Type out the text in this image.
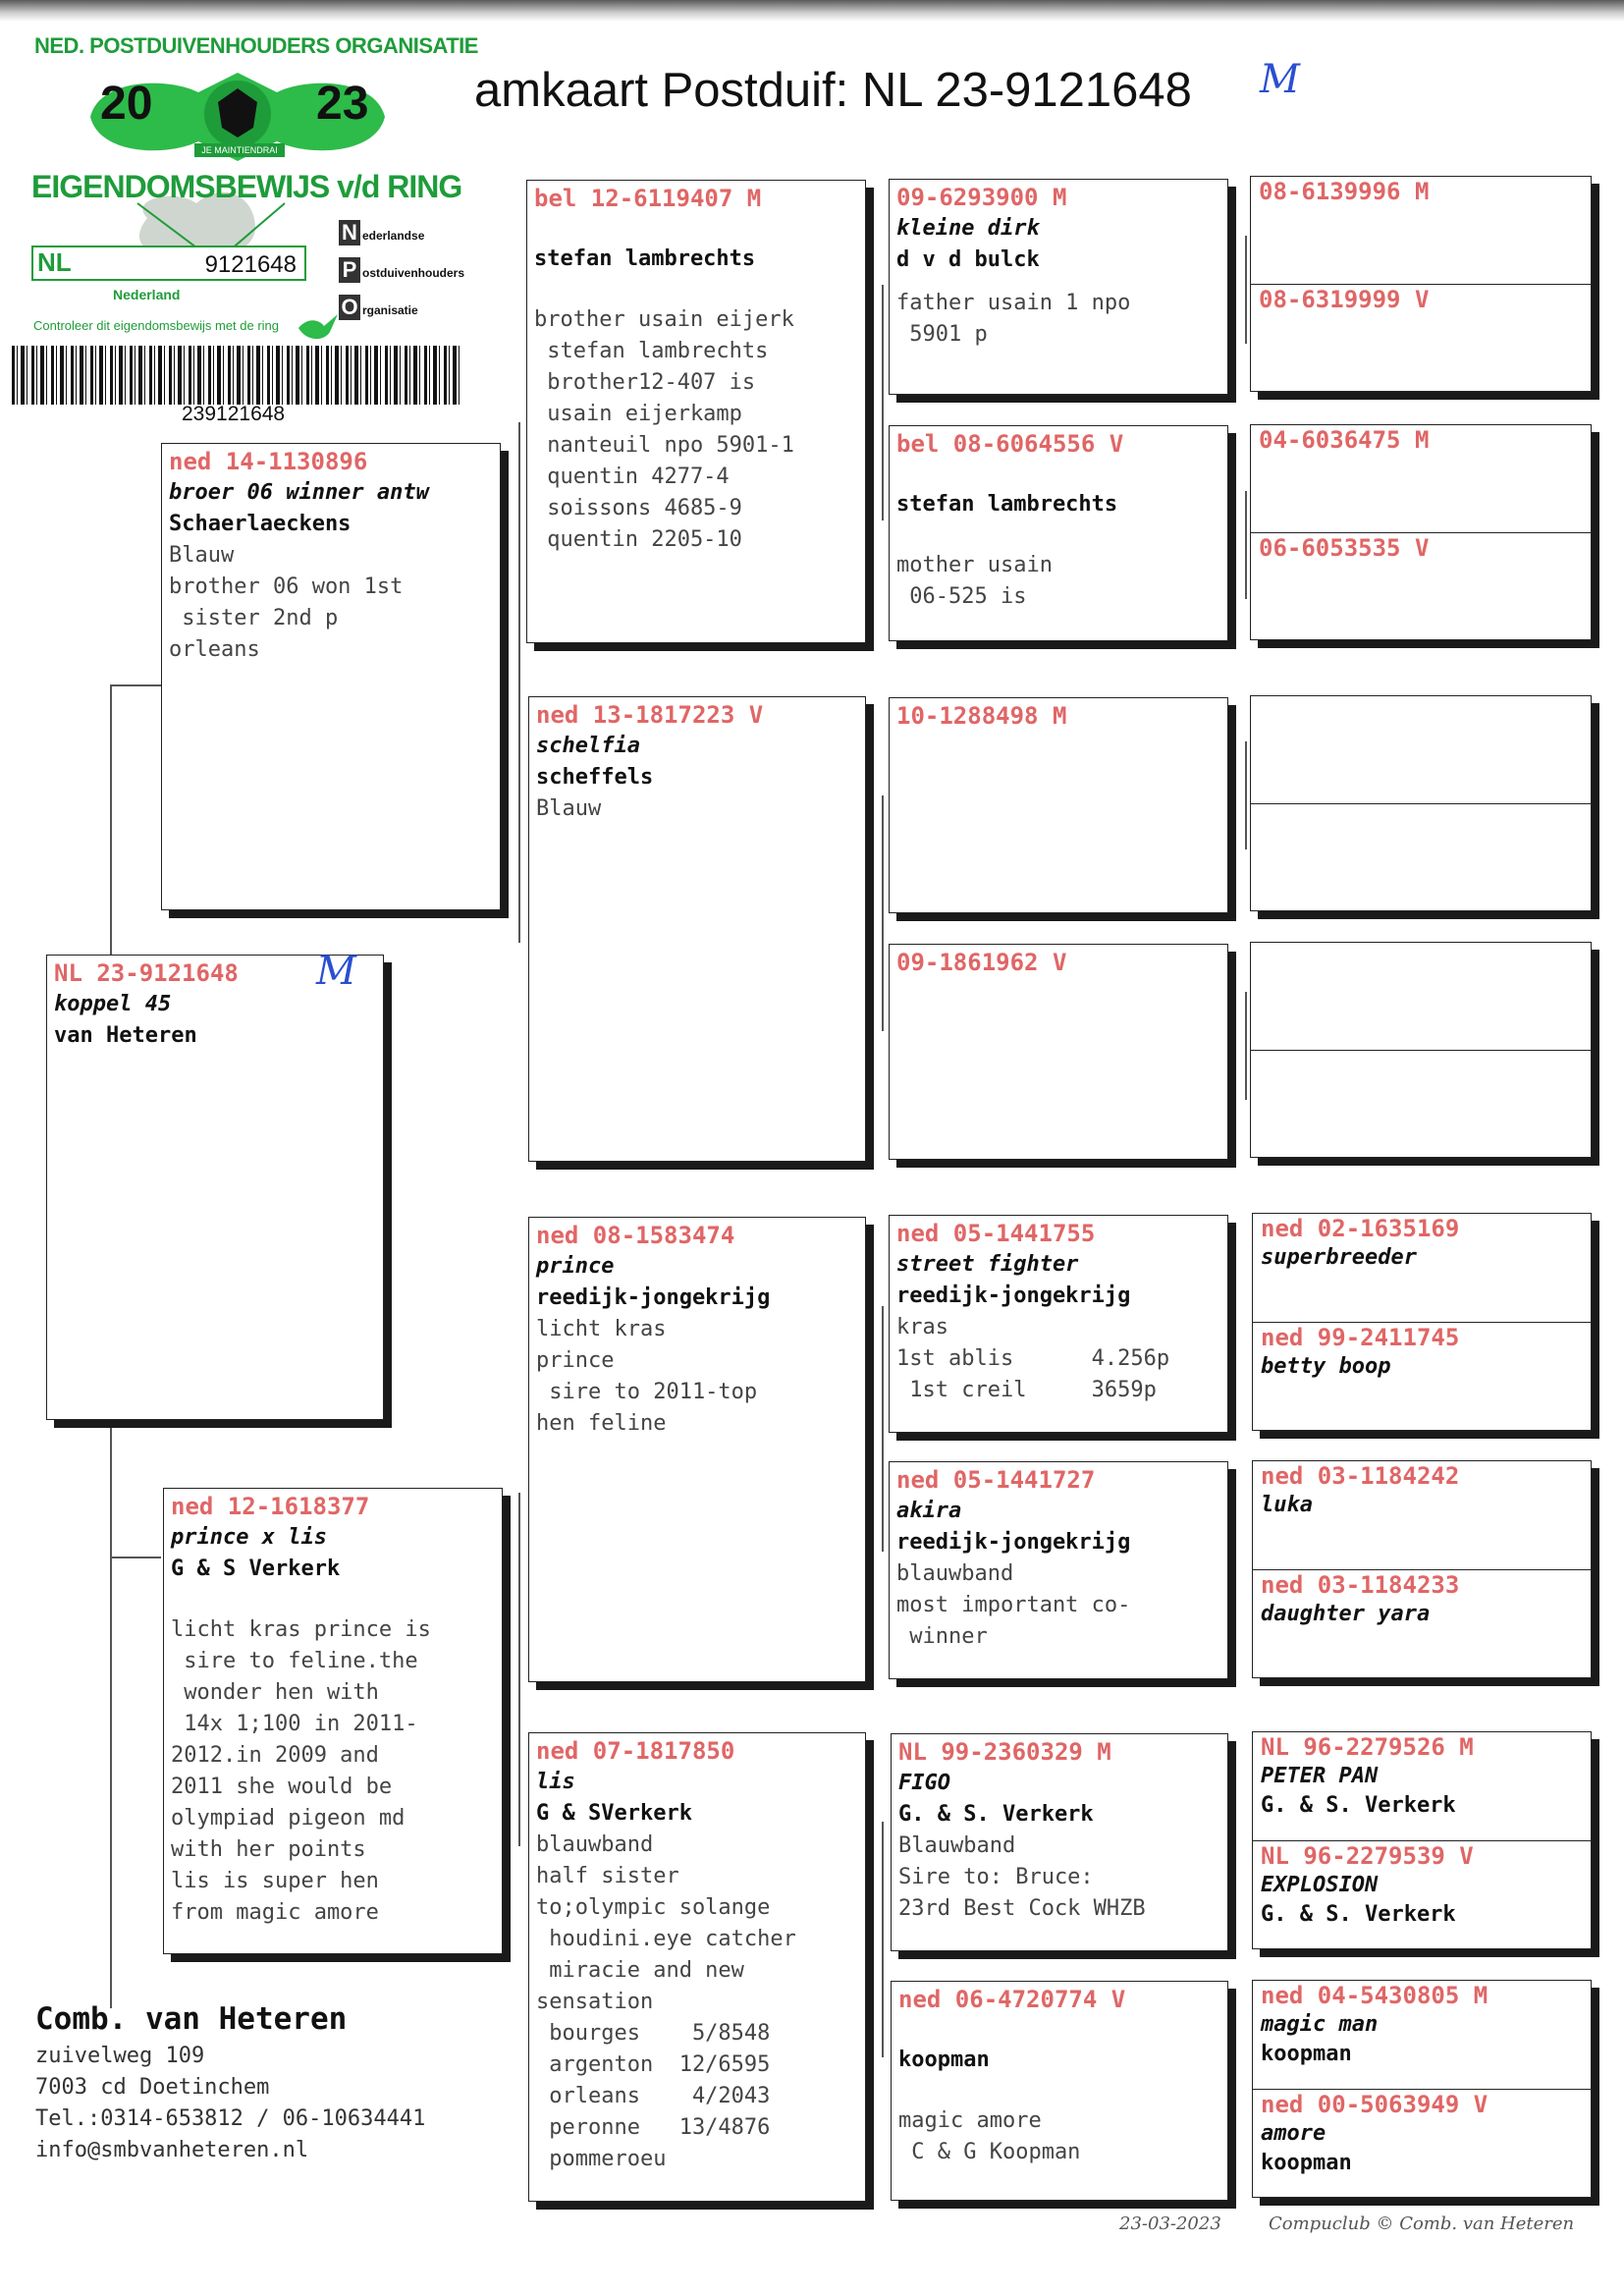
NED. POSTDUIVENHOUDERS ORGANISATIE
20	23
JE MAINTIENDRAI
EIGENDOMSBEWIJS v/d RING
NL	9121648
Nederland
N ederlandse
P ostduivenhouders
O rganisatie
Controleer dit eigendomsbewijs met de ring
239121648
amkaart Postduif: NL 23-9121648 M
NL 23-9121648
koppel 45
van Heteren
M
ned 14-1130896
broer 06 winner antw
Schaerlaeckens
Blauw
brother 06 won 1st
sister 2nd p
orleans
ned 12-1618377
prince x lis
G & S Verkerk
licht kras prince is
sire to feline.the
wonder hen with
14x 1;100 in 2011-
2012.in 2009 and
2011 she would be
olympiad pigeon md
with her points
lis is super hen
from magic amore
bel 12-6119407 M
stefan lambrechts
brother usain eijerk
stefan lambrechts
brother12-407 is
usain eijerkamp
nanteuil npo 5901-1
quentin 4277-4
soissons 4685-9
quentin 2205-10
ned 13-1817223 V
schelfia
scheffels
Blauw
ned 08-1583474
prince
reedijk-jongekrijg
licht kras
prince
sire to 2011-top
hen feline
ned 07-1817850
lis
G & SVerkerk
blauwband
half sister
to;olympic solange
houdini.eye catcher
miracie and new
sensation
bourges    5/8548
argenton  12/6595
orleans    4/2043
peronne   13/4876
pommeroeu
09-6293900 M
kleine dirk
d v d bulck
father usain 1 npo
5901 p
bel 08-6064556 V
stefan lambrechts
mother usain
06-525 is
10-1288498 M
09-1861962 V
ned 05-1441755
street fighter
reedijk-jongekrijg
kras
1st ablis      4.256p
1st creil     3659p
ned 05-1441727
akira
reedijk-jongekrijg
blauwband
most important co-
winner
NL 99-2360329 M
FIGO
G. & S. Verkerk
Blauwband
Sire to: Bruce:
23rd Best Cock WHZB
ned 06-4720774 V
koopman
magic amore
C & G Koopman
08-6139996 M
08-6319999 V
04-6036475 M
06-6053535 V
ned 02-1635169
superbreeder
ned 99-2411745
betty boop
ned 03-1184242
luka
ned 03-1184233
daughter yara
NL 96-2279526 M
PETER PAN
G. & S. Verkerk
NL 96-2279539 V
EXPLOSION
G. & S. Verkerk
ned 04-5430805 M
magic man
koopman
ned 00-5063949 V
amore
koopman
Comb. van Heteren
zuivelweg 109
7003 cd Doetinchem
Tel.:0314-653812 / 06-10634441
info@smbvanheteren.nl
23-03-2023	Compuclub © Comb. van Heteren
